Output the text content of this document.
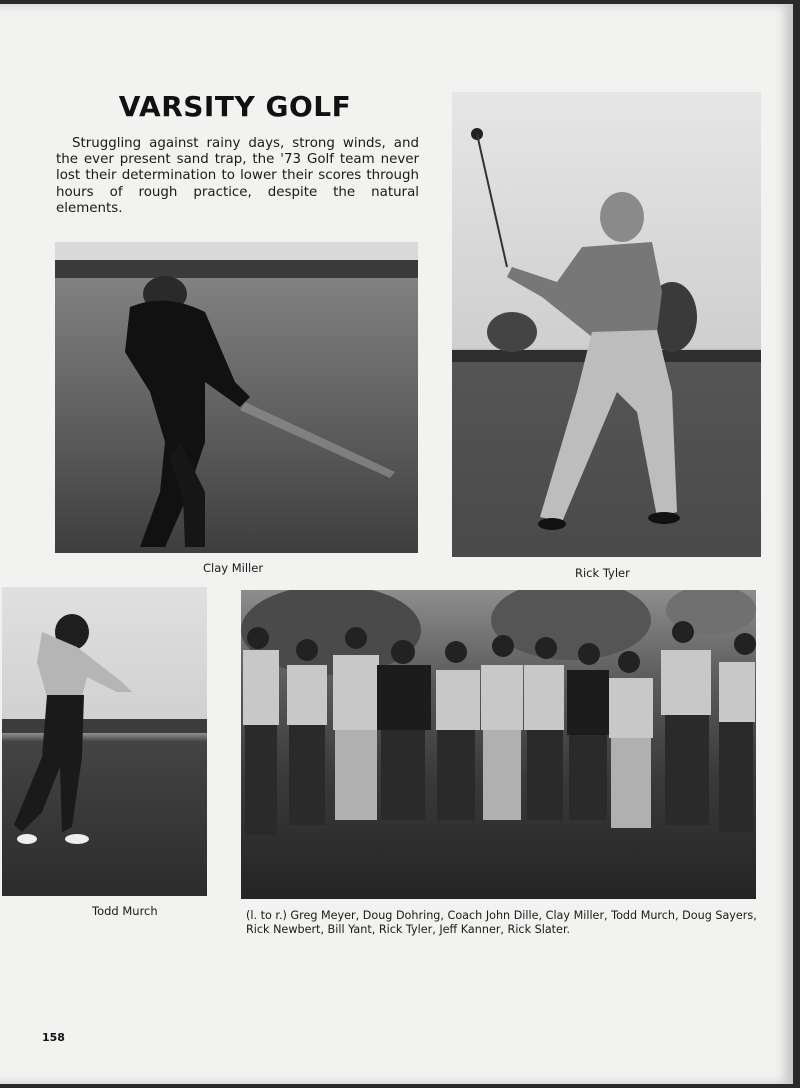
VARSITY GOLF
Struggling against rainy days, strong winds, and the ever present sand trap, the '73 Golf team never lost their determination to lower their scores through hours of rough practice, despite the natural elements.
Clay Miller	Rick Tyler
Todd Murch	(l. to r.) Greg Meyer, Doug Dohring, Coach John Dille, Clay Miller, Todd Murch, Doug Sayers, Rick Newbert, Bill Yant, Rick Tyler, Jeff Kanner, Rick Slater.
158
